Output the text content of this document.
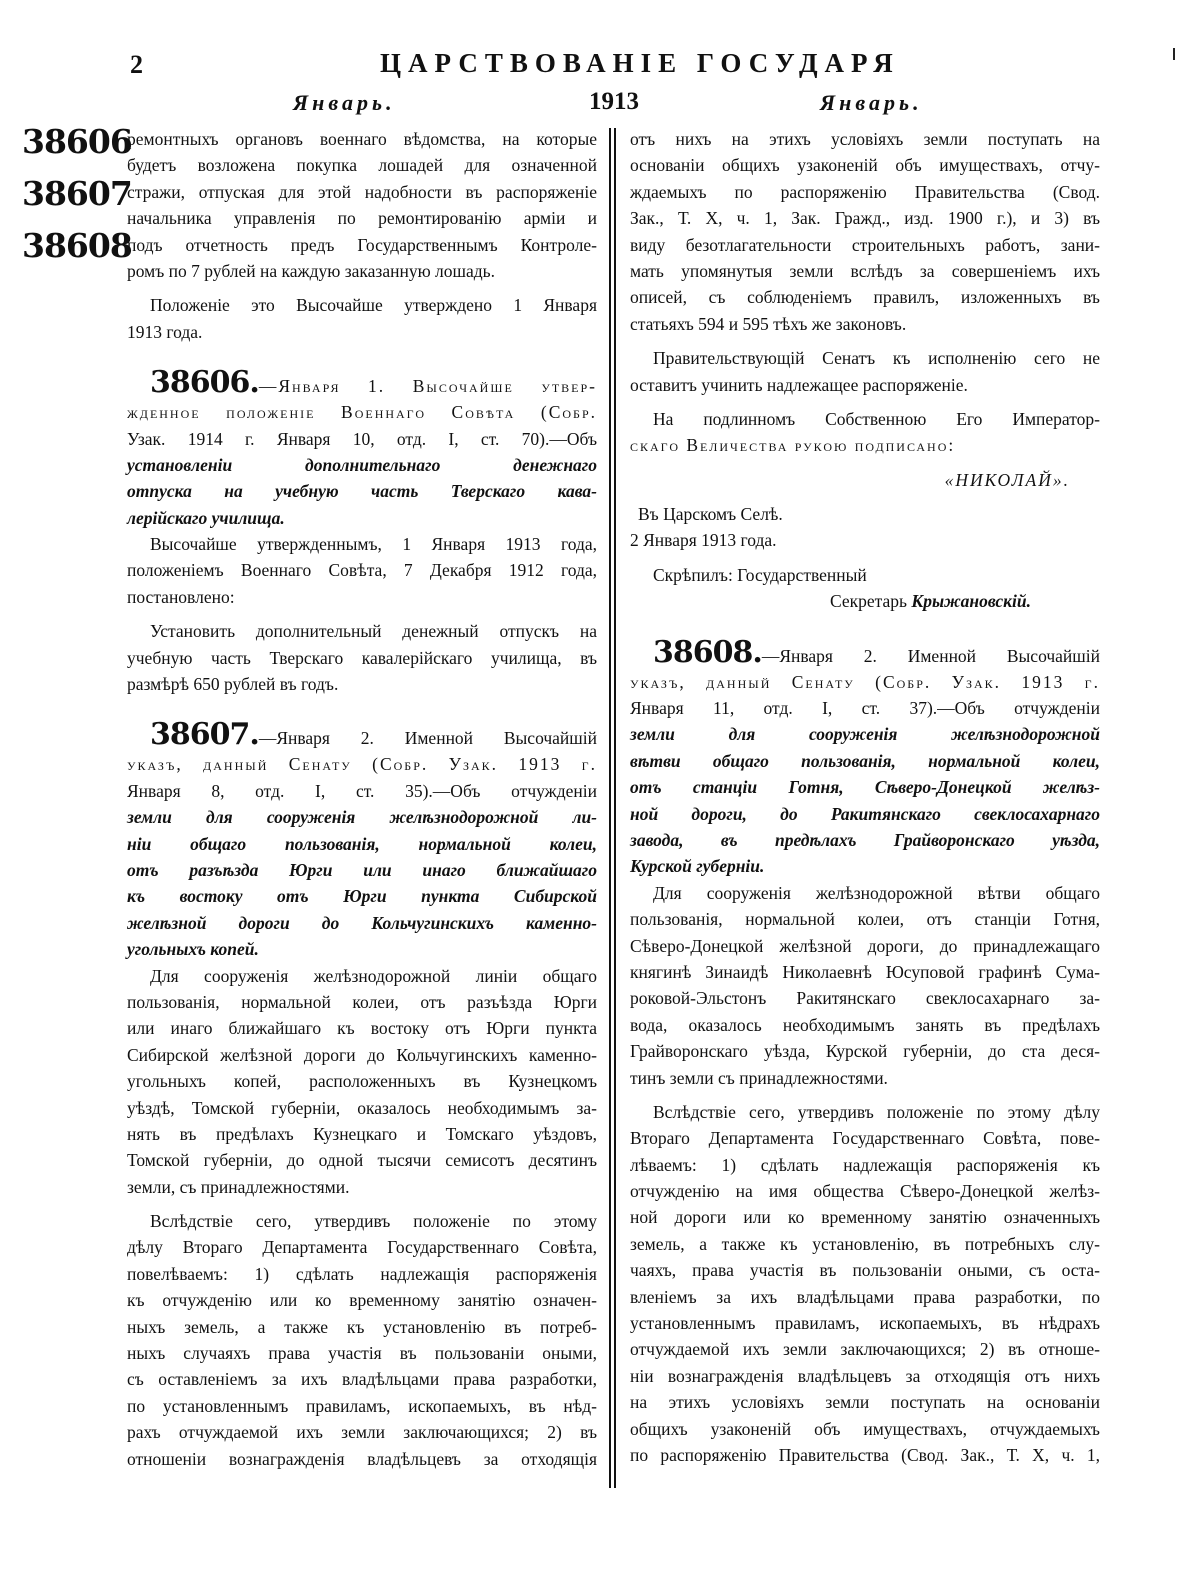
2	ЦАРСТВОВАНІЕ ГОСУДАРЯ
Январь.	1913	Январь.
38606
38607
38608
ремонтныхъ органовъ военнаго вѣдомства, на которые
будетъ возложена покупка лошадей для означенной
стражи, отпуская для этой надобности въ распоряженіе
начальника управленія по ремонтированію арміи и
подъ отчетность предъ Государственнымъ Контроле-
ромъ по 7 рублей на каждую заказанную лошадь.
Положеніе это Высочайше утверждено 1 Января
1913 года.
38606.—Января 1. Высочайше утвер-
жденное положеніе Военнаго Совѣта (Собр.
Узак. 1914 г. Января 10, отд. I, ст. 70).—Объ
установленіи дополнительнаго денежнаго
отпуска на учебную часть Тверскаго кава-
лерійскаго училища.
Высочайше утвержденнымъ, 1 Января 1913 года,
положеніемъ Военнаго Совѣта, 7 Декабря 1912 года,
постановлено:
Установить дополнительный денежный отпускъ на
учебную часть Тверскаго кавалерійскаго училища, въ
размѣрѣ 650 рублей въ годъ.
38607.—Января 2. Именной Высочайшій
указъ, данный Сенату (Собр. Узак. 1913 г.
Января 8, отд. I, ст. 35).—Объ отчужденіи
земли для сооруженія желѣзнодорожной ли-
ніи общаго пользованія, нормальной колеи,
отъ разъѣзда Юрги или инаго ближайшаго
къ востоку отъ Юрги пункта Сибирской
желѣзной дороги до Кольчугинскихъ каменно-
угольныхъ копей.
Для сооруженія желѣзнодорожной линіи общаго
пользованія, нормальной колеи, отъ разъѣзда Юрги
или инаго ближайшаго къ востоку отъ Юрги пункта
Сибирской желѣзной дороги до Кольчугинскихъ каменно-
угольныхъ копей, расположенныхъ въ Кузнецкомъ
уѣздѣ, Томской губерніи, оказалось необходимымъ за-
нять въ предѣлахъ Кузнецкаго и Томскаго уѣздовъ,
Томской губерніи, до одной тысячи семисотъ десятинъ
земли, съ принадлежностями.
Вслѣдствіе сего, утвердивъ положеніе по этому
дѣлу Втораго Департамента Государственнаго Совѣта,
повелѣваемъ: 1) сдѣлать надлежащія распоряженія
къ отчужденію или ко временному занятію означен-
ныхъ земель, а также къ установленію въ потреб-
ныхъ случаяхъ права участія въ пользованіи оными,
съ оставленіемъ за ихъ владѣльцами права разработки,
по установленнымъ правиламъ, ископаемыхъ, въ нѣд-
рахъ отчуждаемой ихъ земли заключающихся; 2) въ
отношеніи вознагражденія владѣльцевъ за отходящія
отъ нихъ на этихъ условіяхъ земли поступать на
основаніи общихъ узаконеній объ имуществахъ, отчу-
ждаемыхъ по распоряженію Правительства (Свод.
Зак., Т. X, ч. 1, Зак. Гражд., изд. 1900 г.), и 3) въ
виду безотлагательности строительныхъ работъ, зани-
мать упомянутыя земли вслѣдъ за совершеніемъ ихъ
описей, съ соблюденіемъ правилъ, изложенныхъ въ
статьяхъ 594 и 595 тѣхъ же законовъ.
Правительствующій Сенатъ къ исполненію сего не
оставитъ учинить надлежащее распоряженіе.
На подлинномъ Собственною Его Император-
скаго Величества рукою подписано:
«НИКОЛАЙ».
Въ Царскомъ Селѣ.
2 Января 1913 года.
Скрѣпилъ: Государственный
Секретарь Крыжановскій.
38608.—Января 2. Именной Высочайшій
указъ, данный Сенату (Собр. Узак. 1913 г.
Января 11, отд. I, ст. 37).—Объ отчужденіи
земли для сооруженія желѣзнодорожной
вѣтви общаго пользованія, нормальной колеи,
отъ станціи Готня, Сѣверо-Донецкой желѣз-
ной дороги, до Ракитянскаго свеклосахарнаго
завода, въ предѣлахъ Грайворонскаго уѣзда,
Курской губерніи.
Для сооруженія желѣзнодорожной вѣтви общаго
пользованія, нормальной колеи, отъ станціи Готня,
Сѣверо-Донецкой желѣзной дороги, до принадлежащаго
княгинѣ Зинаидѣ Николаевнѣ Юсуповой графинѣ Сума-
роковой-Эльстонъ Ракитянскаго свеклосахарнаго за-
вода, оказалось необходимымъ занять въ предѣлахъ
Грайворонскаго уѣзда, Курской губерніи, до ста деся-
тинъ земли съ принадлежностями.
Вслѣдствіе сего, утвердивъ положеніе по этому дѣлу
Втораго Департамента Государственнаго Совѣта, пове-
лѣваемъ: 1) сдѣлать надлежащія распоряженія къ
отчужденію на имя общества Сѣверо-Донецкой желѣз-
ной дороги или ко временному занятію означенныхъ
земель, а также къ установленію, въ потребныхъ слу-
чаяхъ, права участія въ пользованіи оными, съ оста-
вленіемъ за ихъ владѣльцами права разработки, по
установленнымъ правиламъ, ископаемыхъ, въ нѣдрахъ
отчуждаемой ихъ земли заключающихся; 2) въ отноше-
ніи вознагражденія владѣльцевъ за отходящія отъ нихъ
на этихъ условіяхъ земли поступать на основаніи
общихъ узаконеній объ имуществахъ, отчуждаемыхъ
по распоряженію Правительства (Свод. Зак., Т. X, ч. 1,
